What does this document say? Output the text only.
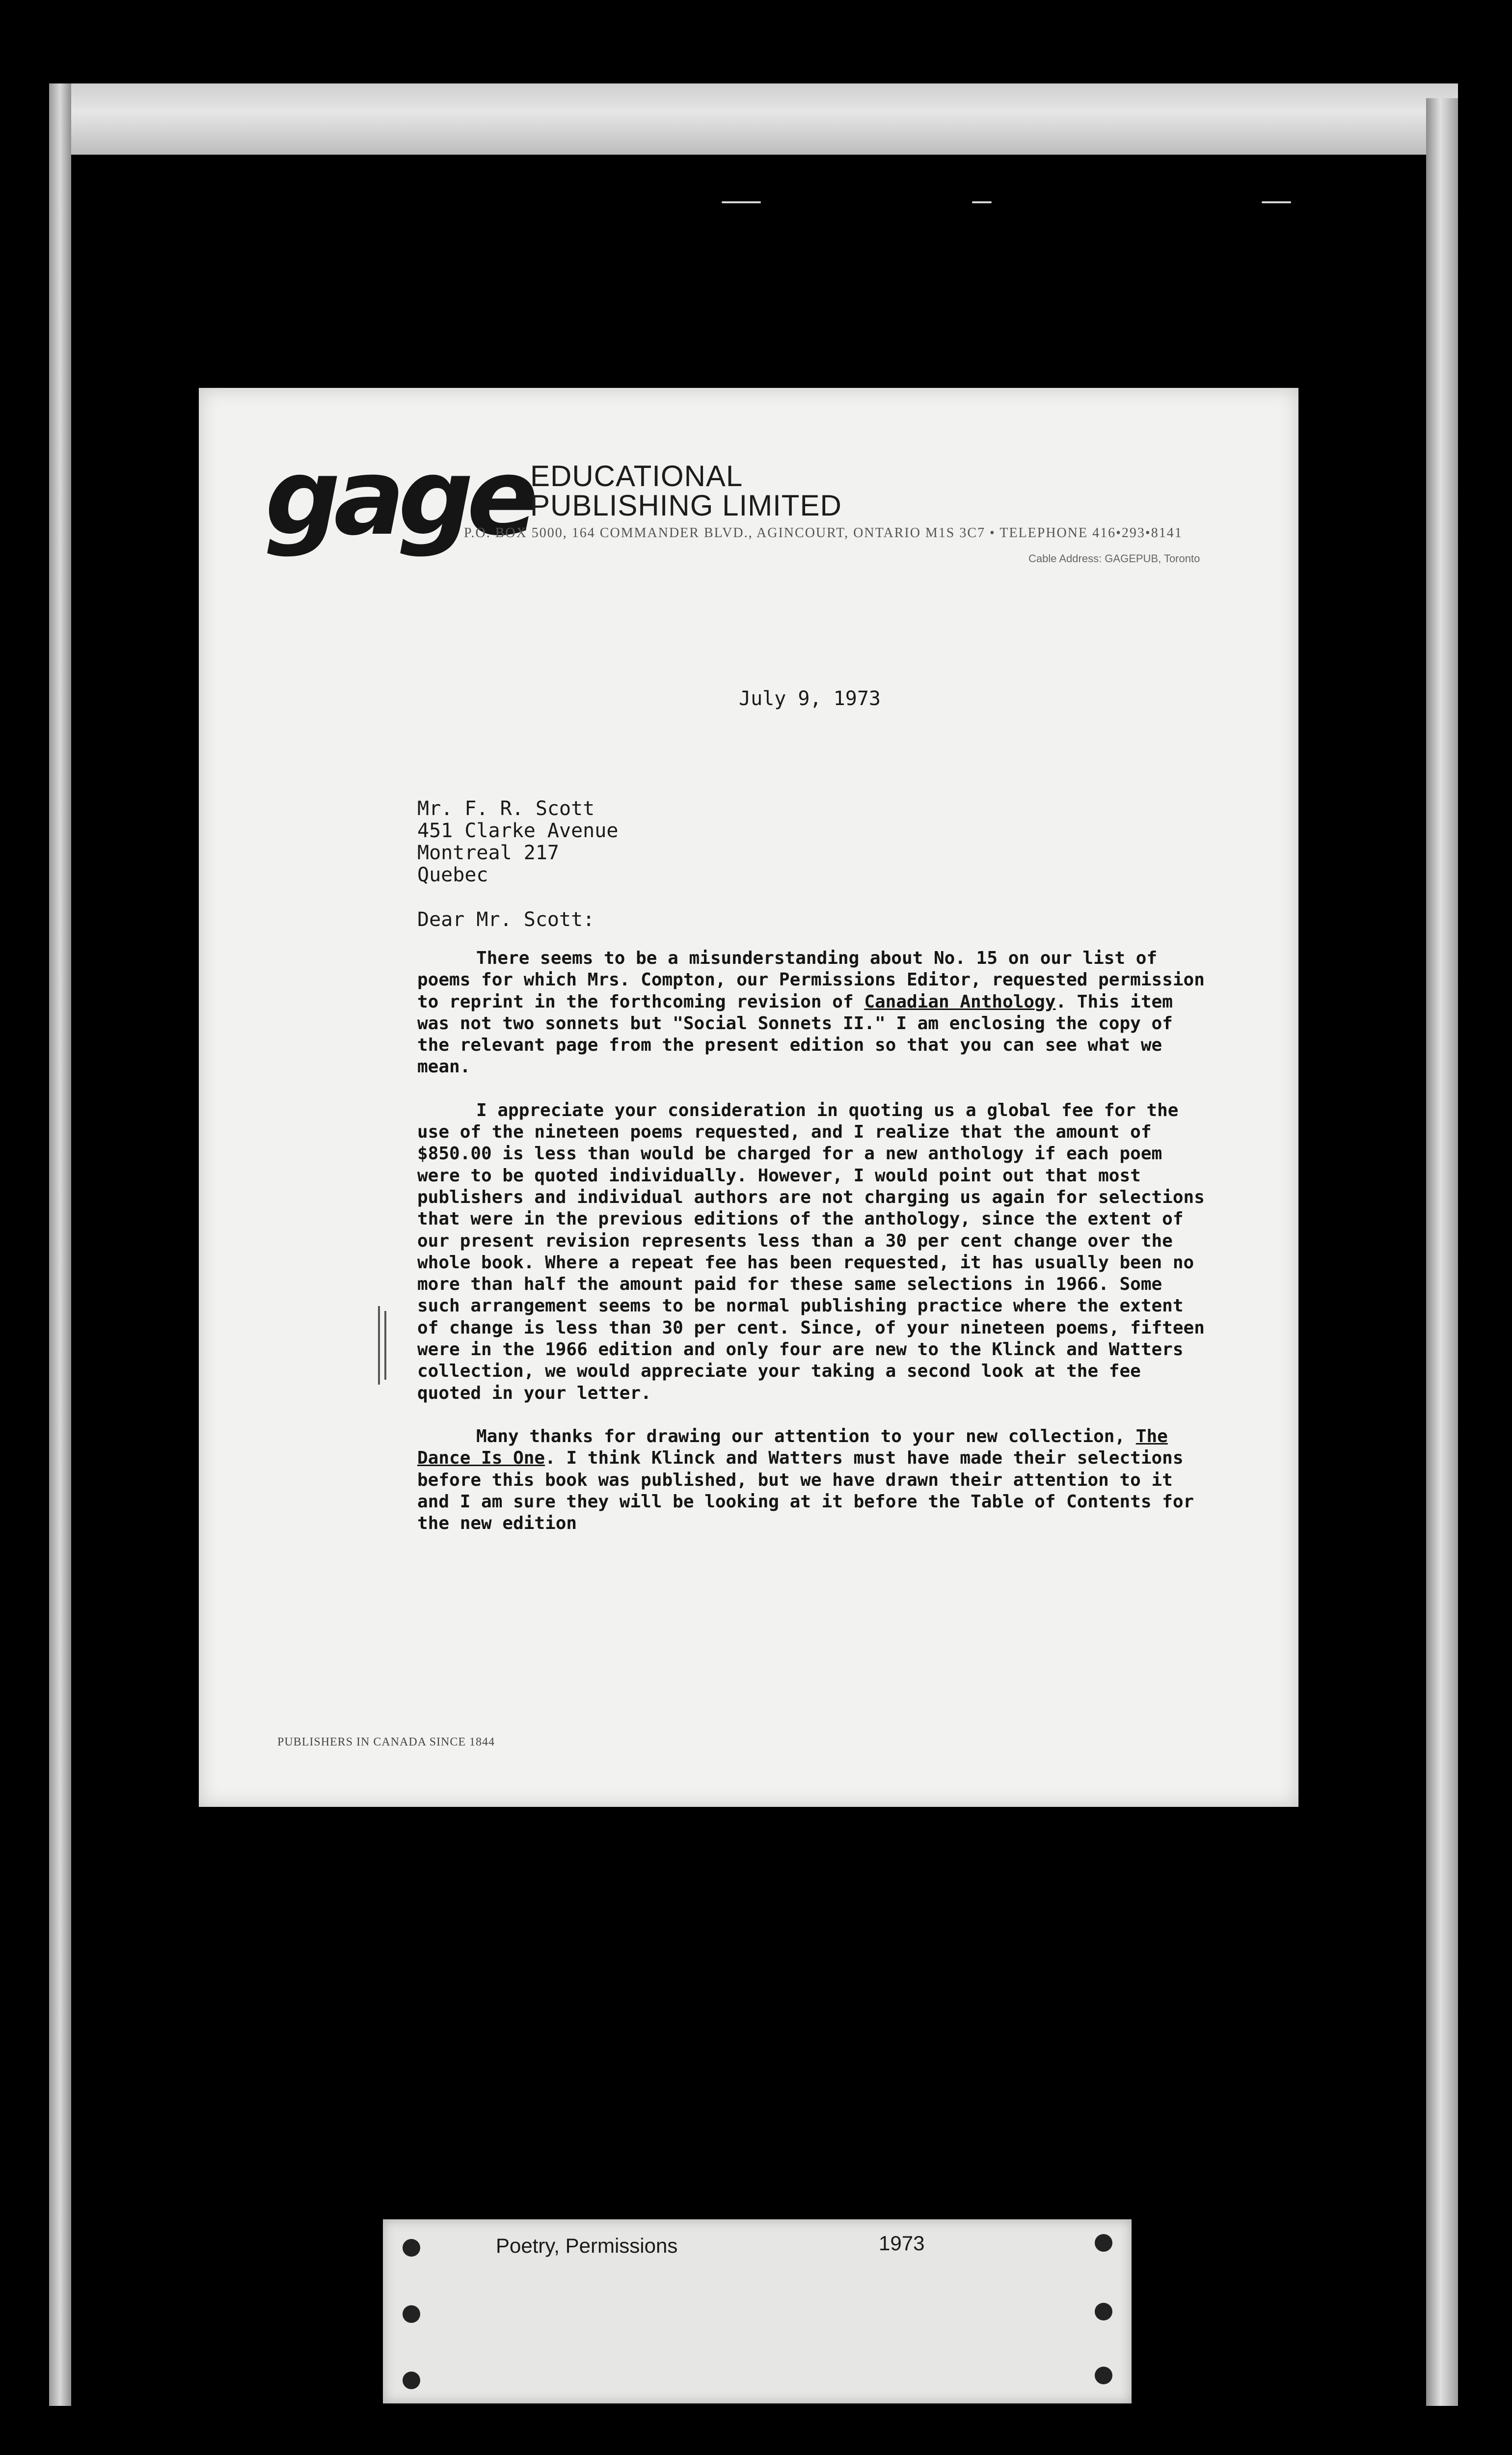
gage
EDUCATIONAL
PUBLISHING LIMITED
P.O. BOX 5000, 164 COMMANDER BLVD., AGINCOURT, ONTARIO M1S 3C7 • TELEPHONE 416•293•8141
Cable Address: GAGEPUB, Toronto
July 9, 1973
Mr. F. R. Scott
451 Clarke Avenue
Montreal 217
Quebec
Dear Mr. Scott:

There seems to be a misunderstanding about No. 15 on our list of poems for which Mrs. Compton, our Permissions Editor, requested permission to reprint in the forthcoming revision of Canadian Anthology. This item was not two sonnets but "Social Sonnets II." I am enclosing the copy of the relevant page from the present edition so that you can see what we mean.

I appreciate your consideration in quoting us a global fee for the use of the nineteen poems requested, and I realize that the amount of $850.00 is less than would be charged for a new anthology if each poem were to be quoted individually. However, I would point out that most publishers and individual authors are not charging us again for selections that were in the previous editions of the anthology, since the extent of our present revision represents less than a 30 per cent change over the whole book. Where a repeat fee has been requested, it has usually been no more than half the amount paid for these same selections in 1966. Some such arrangement seems to be normal publishing practice where the extent of change is less than 30 per cent. Since, of your nineteen poems, fifteen were in the 1966 edition and only four are new to the Klinck and Watters collection, we would appreciate your taking a second look at the fee quoted in your letter.

Many thanks for drawing our attention to your new collection, The Dance Is One. I think Klinck and Watters must have made their selections before this book was published, but we have drawn their attention to it and I am sure they will be looking at it before the Table of Contents for the new edition

PUBLISHERS IN CANADA SINCE 1844
Poetry, Permissions	1973
